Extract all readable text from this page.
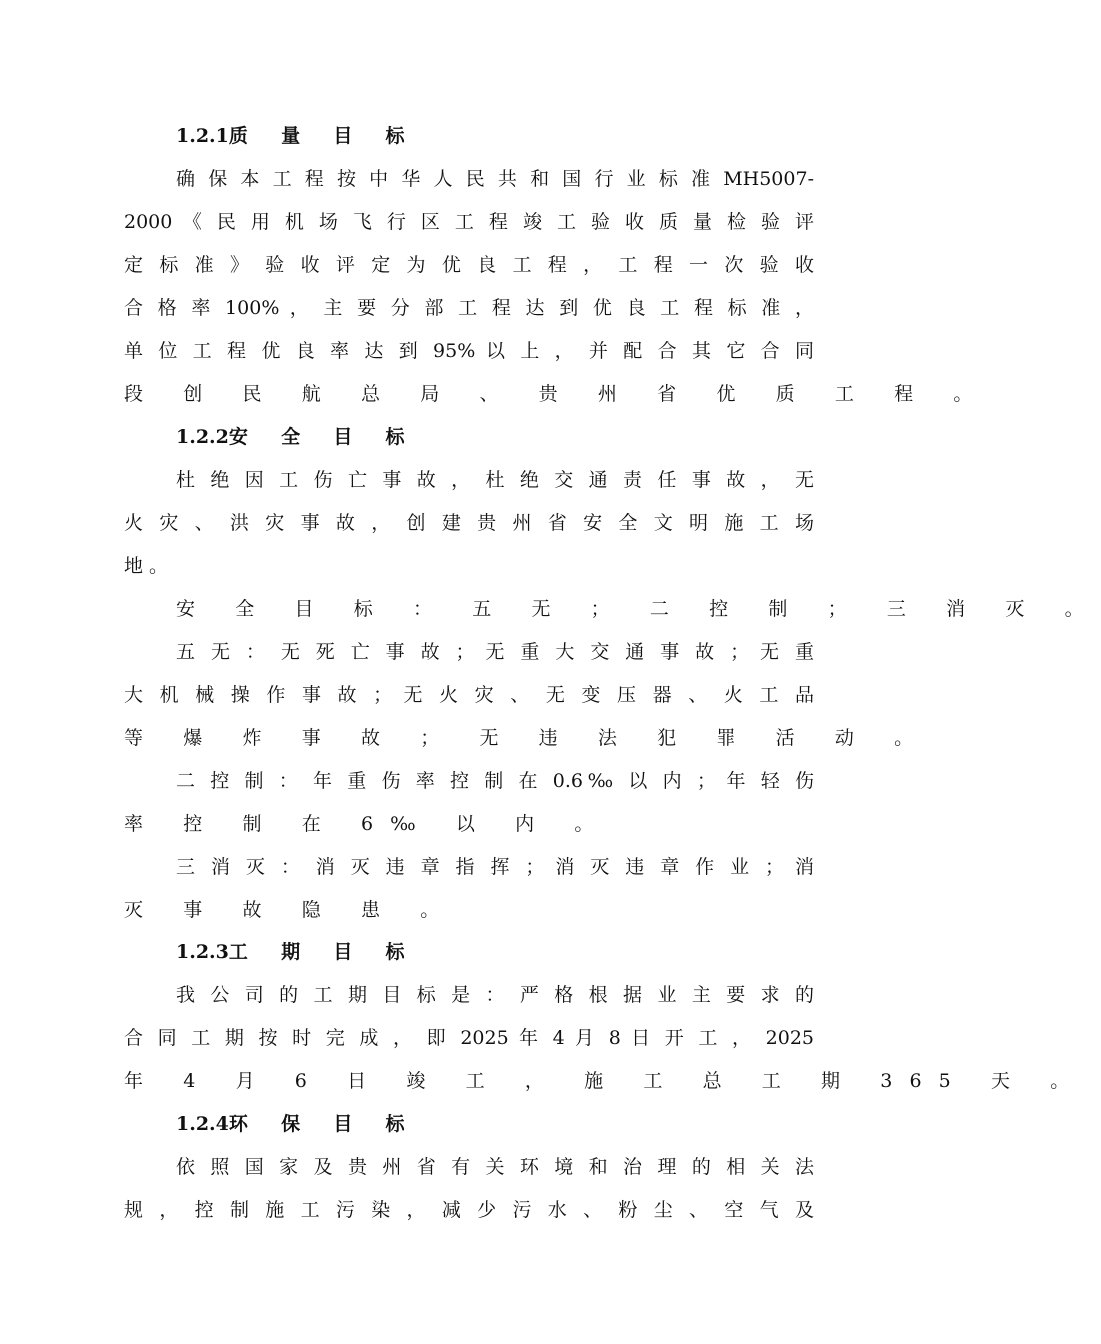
1.2.1质 量 目 标
确 保 本 工 程 按 中 华 人 民 共 和 国 行 业 标 准 MH5007-
2000 《 民 用 机 场 飞 行 区 工 程 竣 工 验 收 质 量 检 验 评
定 标 准 》 验 收 评 定 为 优 良 工 程 ， 工 程 一 次 验 收
合 格 率 100% ， 主 要 分 部 工 程 达 到 优 良 工 程 标 准 ，
单 位 工 程 优 良 率 达 到 95% 以 上 ， 并 配 合 其 它 合 同
段 创 民 航 总 局 、 贵 州 省 优 质 工 程 。
1.2.2安 全 目 标
杜 绝 因 工 伤 亡 事 故 ， 杜 绝 交 通 责 任 事 故 ， 无
火 灾 、 洪 灾 事 故 ， 创 建 贵 州 省 安 全 文 明 施 工 场
地 。
安 全 目 标 ： 五 无 ； 二 控 制 ； 三 消 灭 。
五 无 ： 无 死 亡 事 故 ； 无 重 大 交 通 事 故 ； 无 重
大 机 械 操 作 事 故 ； 无 火 灾 、 无 变 压 器 、 火 工 品
等 爆 炸 事 故 ； 无 违 法 犯 罪 活 动 。
二 控 制 ： 年 重 伤 率 控 制 在 0.6‰ 以 内 ； 年 轻 伤
率 控 制 在 6‰ 以 内 。
三 消 灭 ： 消 灭 违 章 指 挥 ； 消 灭 违 章 作 业 ； 消
灭 事 故 隐 患 。
1.2.3工 期 目 标
我 公 司 的 工 期 目 标 是 ： 严 格 根 据 业 主 要 求 的
合 同 工 期 按 时 完 成 ， 即 2025 年 4 月 8 日 开 工 ， 2025
年 4 月 6 日 竣 工 ， 施 工 总 工 期 365 天 。
1.2.4环 保 目 标
依 照 国 家 及 贵 州 省 有 关 环 境 和 治 理 的 相 关 法
规 ， 控 制 施 工 污 染 ， 减 少 污 水 、 粉 尘 、 空 气 及
